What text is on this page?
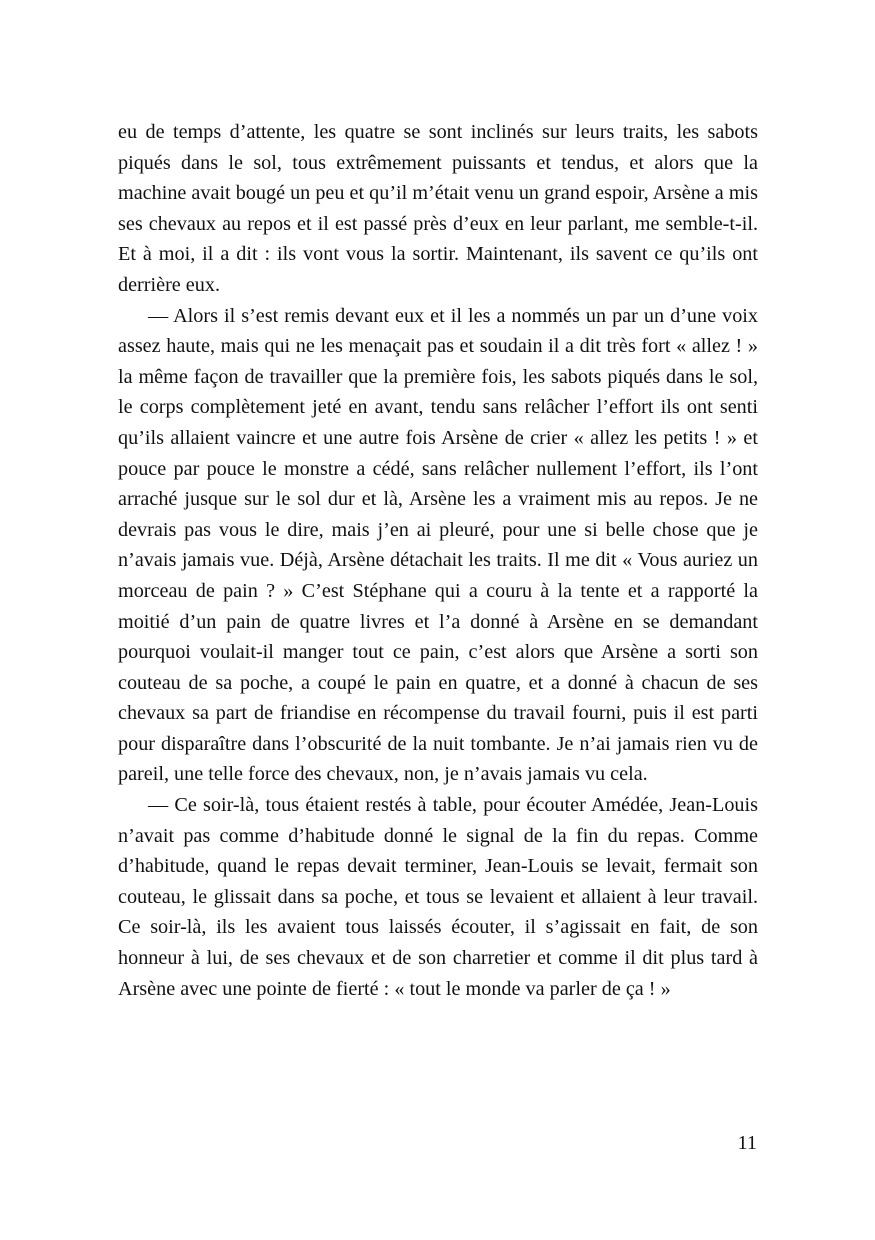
eu de temps d’attente, les quatre se sont inclinés sur leurs traits, les sabots piqués dans le sol, tous extrêmement puissants et tendus, et alors que la machine avait bougé un peu et qu’il m’était venu un grand espoir, Arsène a mis ses chevaux au repos et il est passé près d’eux en leur parlant, me semble-t-il. Et à moi, il a dit : ils vont vous la sortir. Maintenant, ils savent ce qu’ils ont derrière eux.

— Alors il s’est remis devant eux et il les a nommés un par un d’une voix assez haute, mais qui ne les menaçait pas et soudain il a dit très fort « allez ! » la même façon de travailler que la première fois, les sabots piqués dans le sol, le corps complètement jeté en avant, tendu sans relâcher l’effort ils ont senti qu’ils allaient vaincre et une autre fois Arsène de crier « allez les petits ! » et pouce par pouce le monstre a cédé, sans relâcher nullement l’effort, ils l’ont arraché jusque sur le sol dur et là, Arsène les a vraiment mis au repos. Je ne devrais pas vous le dire, mais j’en ai pleuré, pour une si belle chose que je n’avais jamais vue. Déjà, Arsène détachait les traits. Il me dit « Vous auriez un morceau de pain ? » C’est Stéphane qui a couru à la tente et a rapporté la moitié d’un pain de quatre livres et l’a donné à Arsène en se demandant pourquoi voulait-il manger tout ce pain, c’est alors que Arsène a sorti son couteau de sa poche, a coupé le pain en quatre, et a donné à chacun de ses chevaux sa part de friandise en récompense du travail fourni, puis il est parti pour disparaître dans l’obscurité de la nuit tombante. Je n’ai jamais rien vu de pareil, une telle force des chevaux, non, je n’avais jamais vu cela.

— Ce soir-là, tous étaient restés à table, pour écouter Amédée, Jean-Louis n’avait pas comme d’habitude donné le signal de la fin du repas. Comme d’habitude, quand le repas devait terminer, Jean-Louis se levait, fermait son couteau, le glissait dans sa poche, et tous se levaient et allaient à leur travail. Ce soir-là, ils les avaient tous laissés écouter, il s’agissait en fait, de son honneur à lui, de ses chevaux et de son charretier et comme il dit plus tard à Arsène avec une pointe de fierté : « tout le monde va parler de ça ! »

11
